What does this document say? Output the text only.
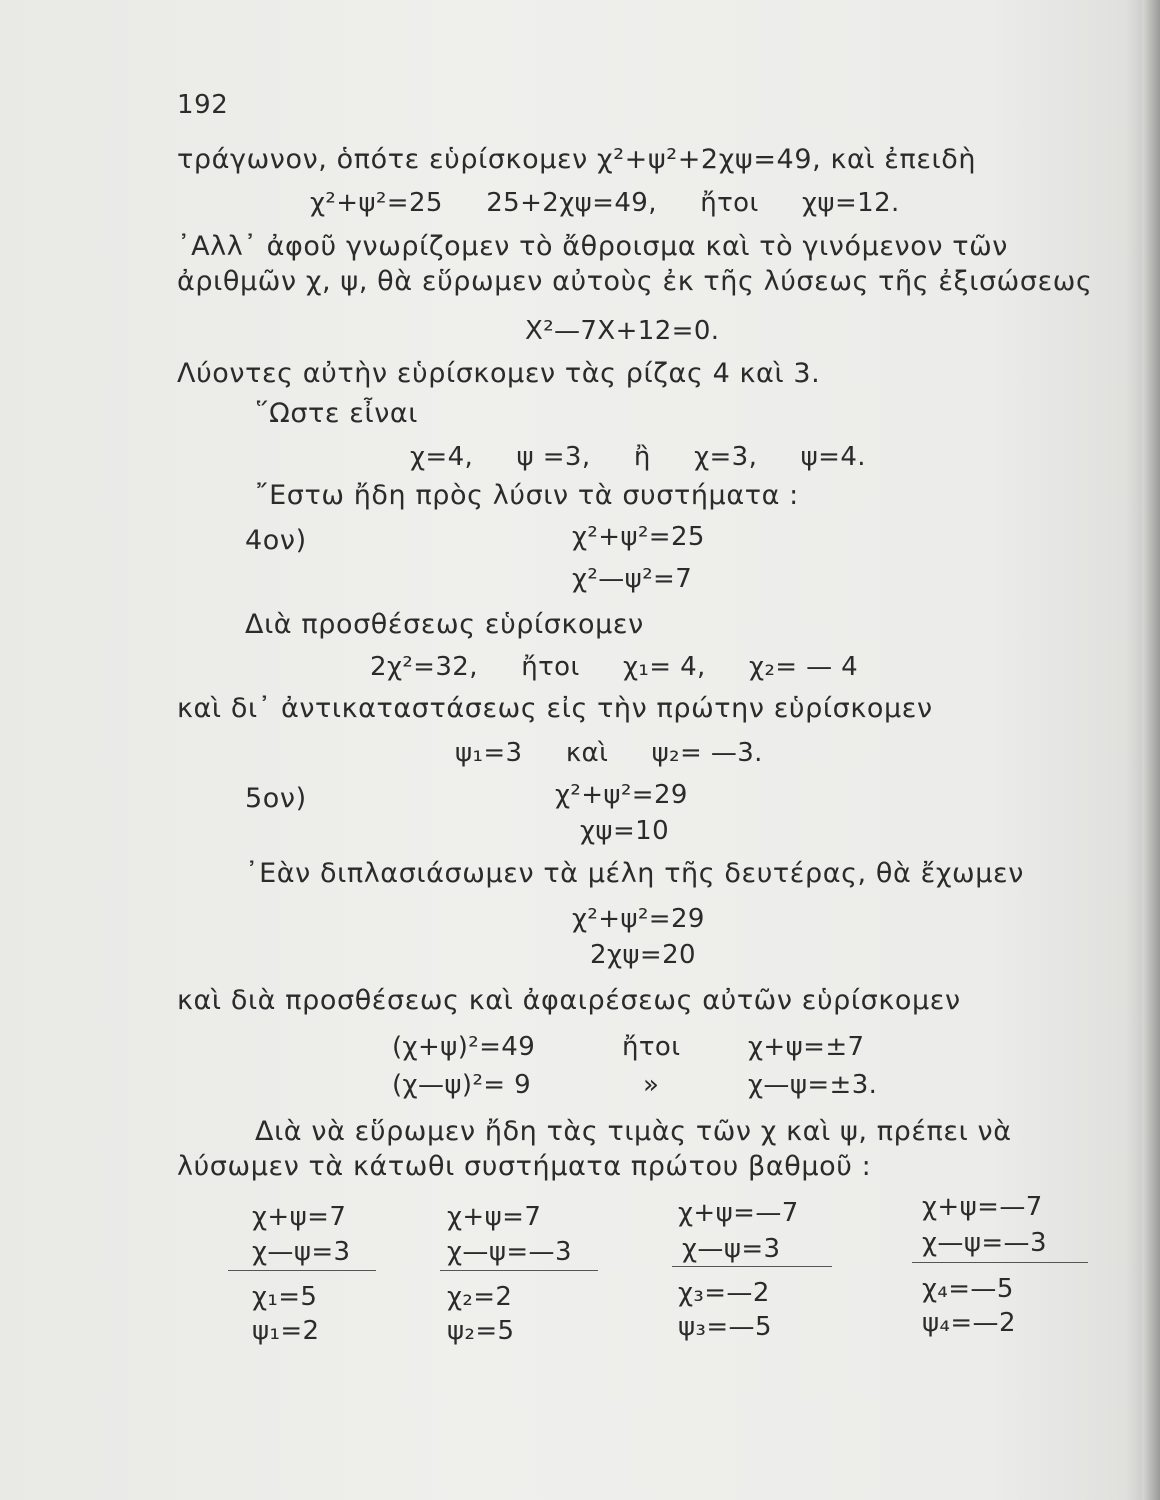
192
τράγωνον, ὁπότε εὑρίσκομεν χ²+ψ²+2χψ=49, καὶ ἐπειδὴ
χ²+ψ²=25     25+2χψ=49,     ἤτοι     χψ=12.
᾿Αλλ᾿ ἀφοῦ γνωρίζομεν τὸ ἄθροισμα καὶ τὸ γινόμενον τῶν
ἀριθμῶν χ, ψ, θὰ εὕρωμεν αὐτοὺς ἐκ τῆς λύσεως τῆς ἐξισώσεως
Χ²—7Χ+12=0.
Λύοντες αὐτὴν εὑρίσκομεν τὰς ρίζας 4 καὶ 3.
῞Ωστε εἶναι
χ=4,     ψ =3,     ἢ     χ=3,     ψ=4.
῎Εστω ἤδη πρὸς λύσιν τὰ συστήματα :
4ον)	χ²+ψ²=25
χ²—ψ²=7
Διὰ προσθέσεως εὑρίσκομεν
2χ²=32,     ἤτοι     χ₁= 4,     χ₂= — 4
καὶ δι᾿ ἀντικαταστάσεως εἰς τὴν πρώτην εὑρίσκομεν
ψ₁=3     καὶ     ψ₂= —3.
5ον)	χ²+ψ²=29
χψ=10
᾿Εὰν διπλασιάσωμεν τὰ μέλη τῆς δευτέρας, θὰ ἔχωμεν
χ²+ψ²=29
2χψ=20
καὶ διὰ προσθέσεως καὶ ἀφαιρέσεως αὐτῶν εὑρίσκομεν
(χ+ψ)²=49	ἤτοι	χ+ψ=±7
(χ—ψ)²= 9	»	χ—ψ=±3.
Διὰ νὰ εὕρωμεν ἤδη τὰς τιμὰς τῶν χ καὶ ψ, πρέπει νὰ
λύσωμεν τὰ κάτωθι συστήματα πρώτου βαθμοῦ :
χ+ψ=7
χ—ψ=3
χ₁=5
ψ₁=2
χ+ψ=7
χ—ψ=—3
χ₂=2
ψ₂=5
χ+ψ=—7
χ—ψ=3
χ₃=—2
ψ₃=—5
χ+ψ=—7
χ—ψ=—3
χ₄=—5
ψ₄=—2
